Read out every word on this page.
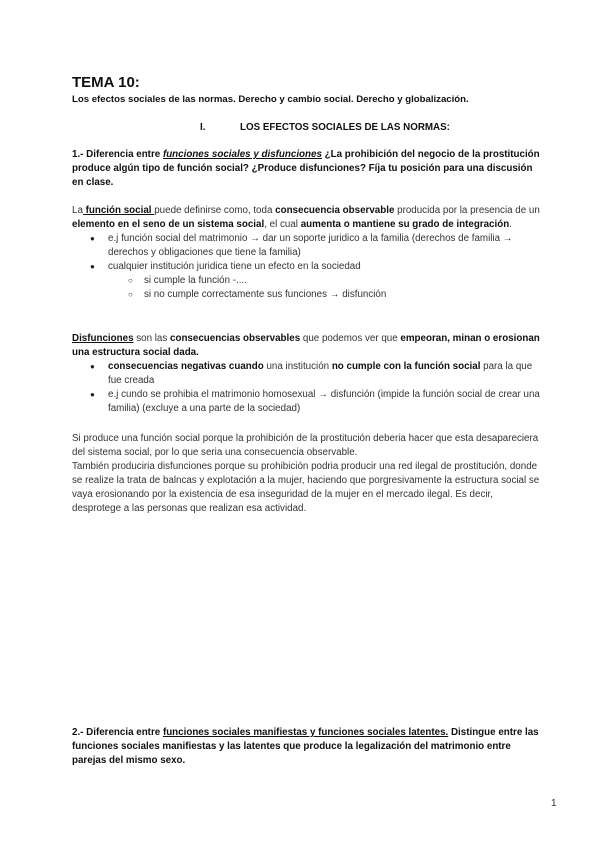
TEMA 10:
Los efectos sociales de las normas. Derecho y cambio social. Derecho y globalización.
I.	LOS EFECTOS SOCIALES DE LAS NORMAS:
1.- Diferencia entre funciones sociales y disfunciones ¿La prohibición del negocio de la prostitución produce algún tipo de función social? ¿Produce disfunciones? Fíja tu posición para una discusión en clase.
La función social puede definirse como, toda consecuencia observable producida por la presencia de un elemento en el seno de un sistema social, el cual aumenta o mantiene su grado de integración.
● e.j función social del matrimonio → dar un soporte juridico a la familia (derechos de familia → derechos y obligaciones que tiene la familia)
● cualquier institución juridica tiene un efecto en la sociedad
○ si cumple la función -....
○ si no cumple correctamente sus funciones → disfunción
Disfunciones son las consecuencias observables que podemos ver que empeoran, minan o erosionan una estructura social dada.
● consecuencias negativas cuando una institución no cumple con la función social para la que fue creada
● e.j cundo se prohibia el matrimonio homosexual → disfunción (impide la función social de crear una familia) (excluye a una parte de la sociedad)
Si produce una función social porque la prohibición de la prostitución deberia hacer que esta desapareciera del sistema social, por lo que seria una consecuencia observable.
También produciria disfunciones porque su prohibición podria producir una red ilegal de prostitución, donde se realize la trata de balncas y explotación a la mujer, haciendo que porgresivamente la estructura social se vaya erosionando por la existencia de esa inseguridad de la mujer en el mercado ilegal. Es decir, desprotege a las personas que realizan esa actividad.
2.- Diferencia entre funciones sociales manifiestas y funciones sociales latentes. Distingue entre las funciones sociales manifiestas y las latentes que produce la legalización del matrimonio entre parejas del mismo sexo.
1
